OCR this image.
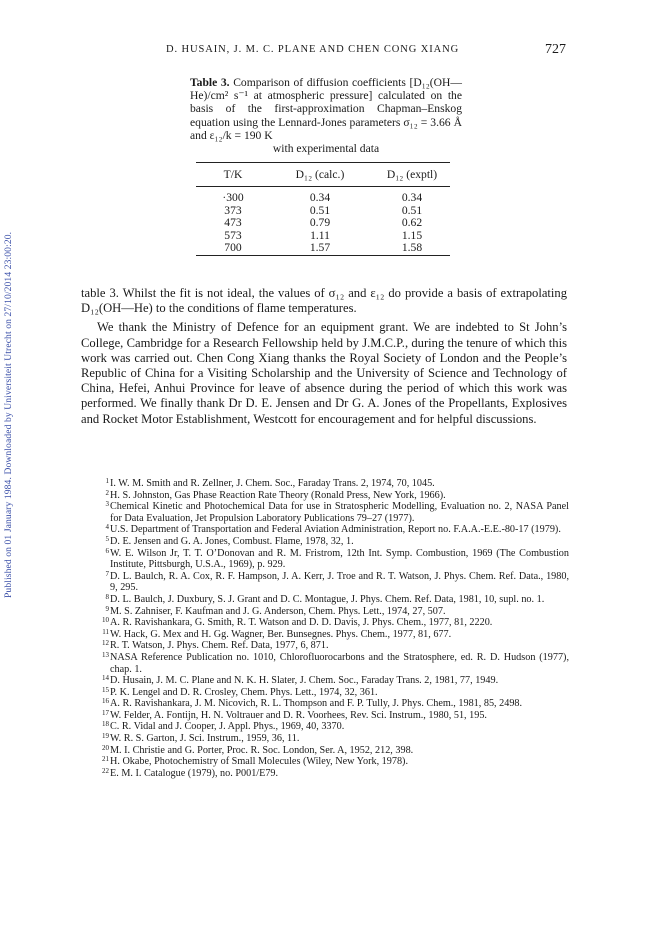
Published on 01 January 1984. Downloaded by Universiteit Utrecht on 27/10/2014 23:00:20.
D. HUSAIN, J. M. C. PLANE AND CHEN CONG XIANG	727
Table 3. Comparison of diffusion coefficients [D₁₂(OH—He)/cm² s⁻¹ at atmospheric pressure] calculated on the basis of the first-approximation Chapman–Enskog equation using the Lennard-Jones parameters σ₁₂ = 3.66 Å and ε₁₂/k = 190 K
with experimental data
T/K	D₁₂ (calc.)	D₁₂ (exptl)
·300	0.34	0.34
373	0.51	0.51
473	0.79	0.62
573	1.11	1.15
700	1.57	1.58

table 3. Whilst the fit is not ideal, the values of σ₁₂ and ε₁₂ do provide a basis of extrapolating D₁₂(OH—He) to the conditions of flame temperatures.

We thank the Ministry of Defence for an equipment grant. We are indebted to St John’s College, Cambridge for a Research Fellowship held by J.M.C.P., during the tenure of which this work was carried out. Chen Cong Xiang thanks the Royal Society of London and the People’s Republic of China for a Visiting Scholarship and the University of Science and Technology of China, Hefei, Anhui Province for leave of absence during the period of which this work was performed. We finally thank Dr D. E. Jensen and Dr G. A. Jones of the Propellants, Explosives and Rocket Motor Establishment, Westcott for encouragement and for helpful discussions.

1 I. W. M. Smith and R. Zellner, J. Chem. Soc., Faraday Trans. 2, 1974, 70, 1045.
2 H. S. Johnston, Gas Phase Reaction Rate Theory (Ronald Press, New York, 1966).
3 Chemical Kinetic and Photochemical Data for use in Stratospheric Modelling, Evaluation no. 2, NASA Panel for Data Evaluation, Jet Propulsion Laboratory Publications 79–27 (1977).
4 U.S. Department of Transportation and Federal Aviation Administration, Report no. F.A.A.-E.E.-80-17 (1979).
5 D. E. Jensen and G. A. Jones, Combust. Flame, 1978, 32, 1.
6 W. E. Wilson Jr, T. T. O’Donovan and R. M. Fristrom, 12th Int. Symp. Combustion, 1969 (The Combustion Institute, Pittsburgh, U.S.A., 1969), p. 929.
7 D. L. Baulch, R. A. Cox, R. F. Hampson, J. A. Kerr, J. Troe and R. T. Watson, J. Phys. Chem. Ref. Data., 1980, 9, 295.
8 D. L. Baulch, J. Duxbury, S. J. Grant and D. C. Montague, J. Phys. Chem. Ref. Data, 1981, 10, supl. no. 1.
9 M. S. Zahniser, F. Kaufman and J. G. Anderson, Chem. Phys. Lett., 1974, 27, 507.
10 A. R. Ravishankara, G. Smith, R. T. Watson and D. D. Davis, J. Phys. Chem., 1977, 81, 2220.
11 W. Hack, G. Mex and H. Gg. Wagner, Ber. Bunsegnes. Phys. Chem., 1977, 81, 677.
12 R. T. Watson, J. Phys. Chem. Ref. Data, 1977, 6, 871.
13 NASA Reference Publication no. 1010, Chlorofluorocarbons and the Stratosphere, ed. R. D. Hudson (1977), chap. 1.
14 D. Husain, J. M. C. Plane and N. K. H. Slater, J. Chem. Soc., Faraday Trans. 2, 1981, 77, 1949.
15 P. K. Lengel and D. R. Crosley, Chem. Phys. Lett., 1974, 32, 361.
16 A. R. Ravishankara, J. M. Nicovich, R. L. Thompson and F. P. Tully, J. Phys. Chem., 1981, 85, 2498.
17 W. Felder, A. Fontijn, H. N. Voltrauer and D. R. Voorhees, Rev. Sci. Instrum., 1980, 51, 195.
18 C. R. Vidal and J. Cooper, J. Appl. Phys., 1969, 40, 3370.
19 W. R. S. Garton, J. Sci. Instrum., 1959, 36, 11.
20 M. I. Christie and G. Porter, Proc. R. Soc. London, Ser. A, 1952, 212, 398.
21 H. Okabe, Photochemistry of Small Molecules (Wiley, New York, 1978).
22 E. M. I. Catalogue (1979), no. P001/E79.
